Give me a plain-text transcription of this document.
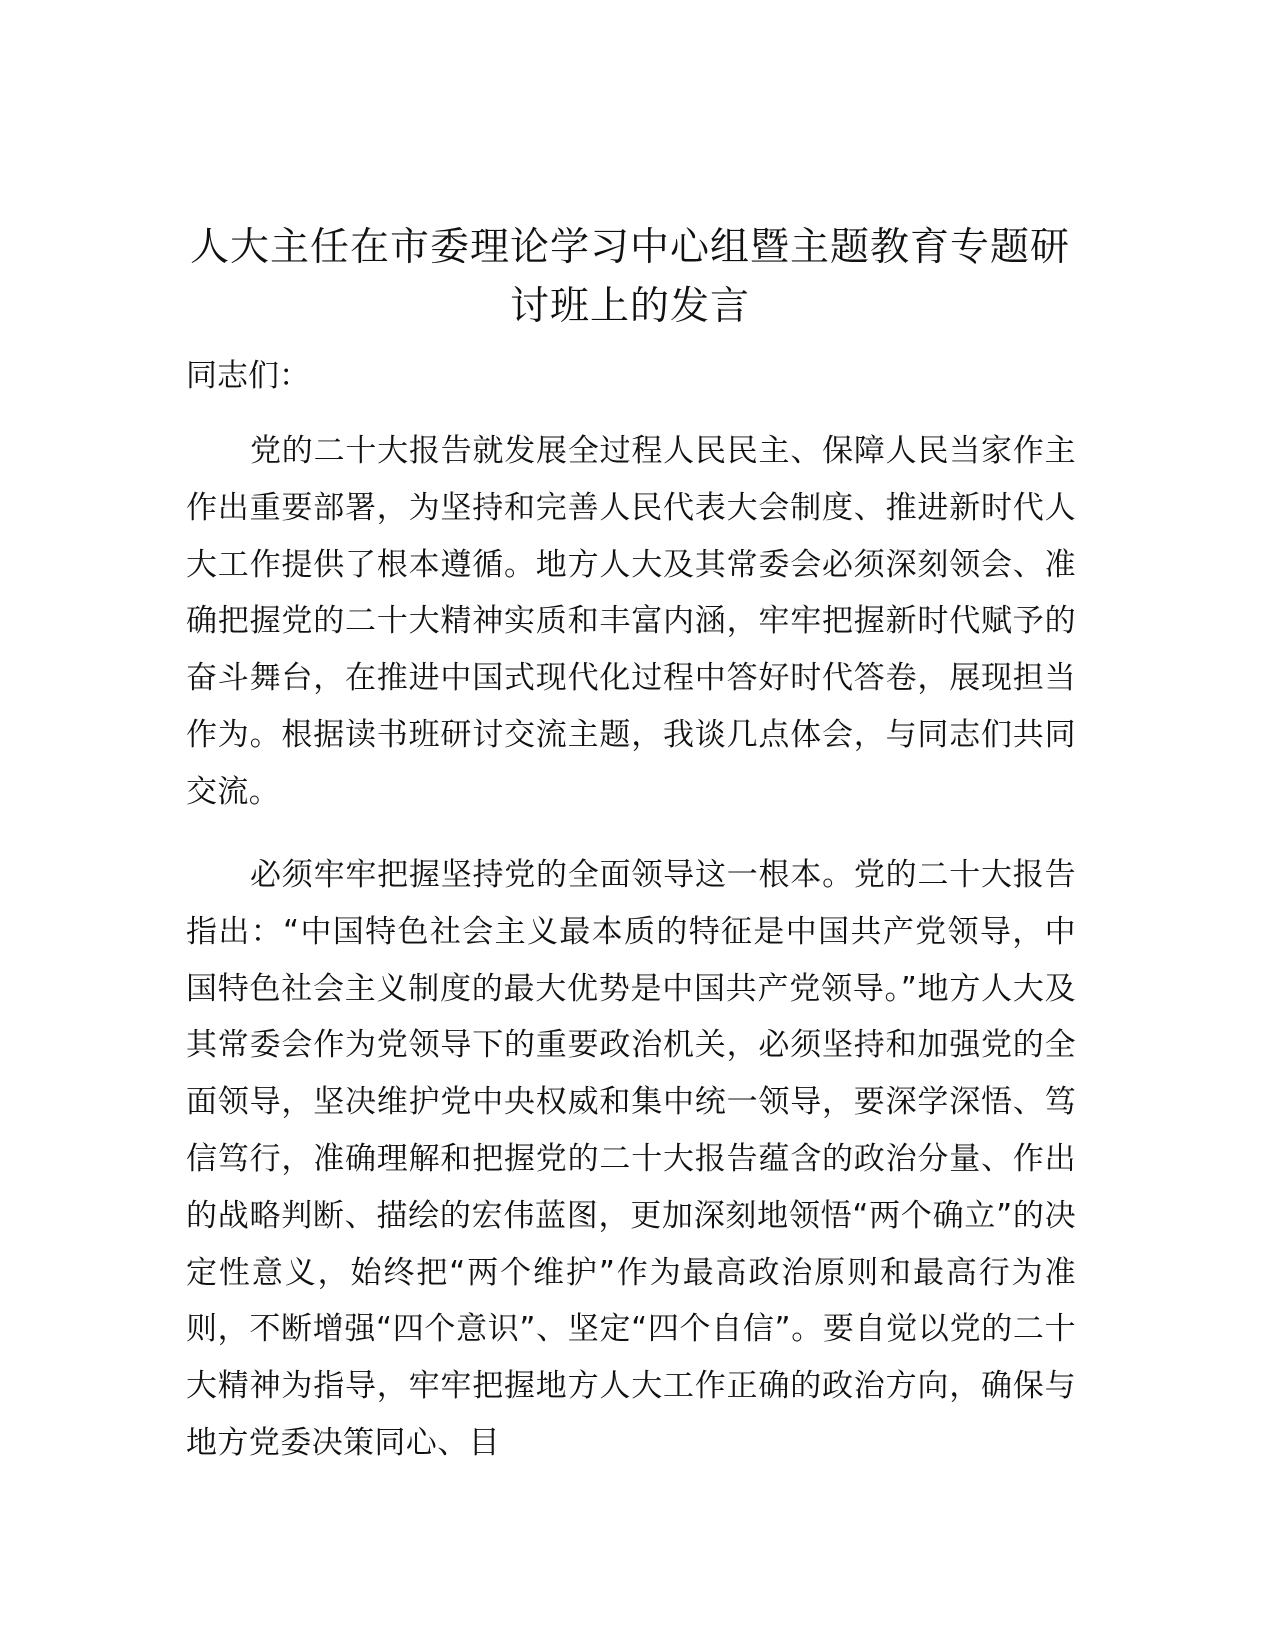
人大主任在市委理论学习中心组暨主题教育专题研讨班上的发言

同志们：

党的二十大报告就发展全过程人民民主、保障人民当家作主作出重要部署，为坚持和完善人民代表大会制度、推进新时代人大工作提供了根本遵循。地方人大及其常委会必须深刻领会、准确把握党的二十大精神实质和丰富内涵，牢牢把握新时代赋予的奋斗舞台，在推进中国式现代化过程中答好时代答卷，展现担当作为。根据读书班研讨交流主题，我谈几点体会，与同志们共同交流。

必须牢牢把握坚持党的全面领导这一根本。党的二十大报告指出：“中国特色社会主义最本质的特征是中国共产党领导，中国特色社会主义制度的最大优势是中国共产党领导。”地方人大及其常委会作为党领导下的重要政治机关，必须坚持和加强党的全面领导，坚决维护党中央权威和集中统一领导，要深学深悟、笃信笃行，准确理解和把握党的二十大报告蕴含的政治分量、作出的战略判断、描绘的宏伟蓝图，更加深刻地领悟“两个确立”的决定性意义，始终把“两个维护”作为最高政治原则和最高行为准则，不断增强“四个意识”、坚定“四个自信”。要自觉以党的二十大精神为指导，牢牢把握地方人大工作正确的政治方向，确保与地方党委决策同心、目
